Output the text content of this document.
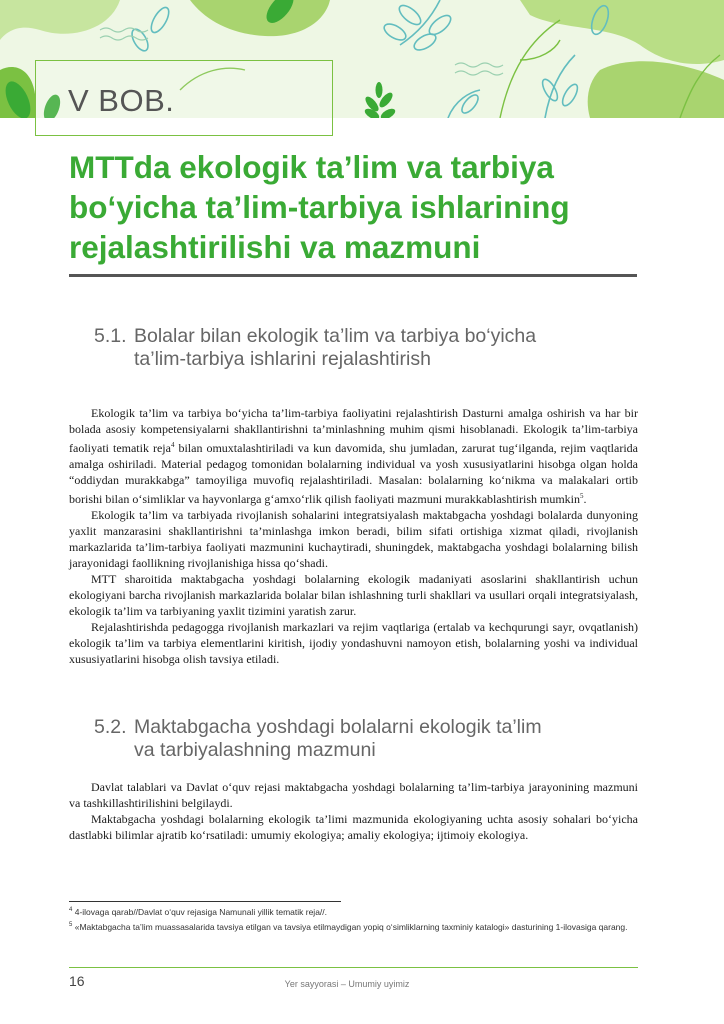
V BOB.
MTTda ekologik ta’lim va tarbiya
bo‘yicha ta’lim-tarbiya ishlarining
rejalashtirilishi va mazmuni
5.1. Bolalar bilan ekologik ta’lim va tarbiya bo‘yicha
ta’lim-tarbiya ishlarini rejalashtirish

Ekologik ta’lim va tarbiya bo‘yicha ta’lim-tarbiya faoliyatini rejalashtirish Dasturni amalga oshirish va har bir bolada asosiy kompetensiyalarni shakllantirishni ta’minlashning muhim qismi hisoblanadi. Ekologik ta’lim-tarbiya faoliyati tematik reja$^4$ bilan omuxtalashtiriladi va kun davomida, shu jumladan, zarurat tug‘ilganda, rejim vaqtlarida amalga oshiriladi. Material pedagog tomonidan bolalarning individual va yosh xususiyatlarini hisobga olgan holda “oddiydan murakkabga” tamoyiliga muvofiq rejalashtiriladi. Masalan: bolalarning ko‘nikma va malakalari ortib borishi bilan o‘simliklar va hayvonlarga g‘amxo‘rlik qilish faoliyati mazmuni murakkablashtirish mumkin$^5$.

Ekologik ta’lim va tarbiyada rivojlanish sohalarini integratsiyalash maktabgacha yoshdagi bolalarda dunyoning yaxlit manzarasini shakllantirishni ta’minlashga imkon beradi, bilim sifati ortishiga xizmat qiladi, rivojlanish markazlarida ta’lim-tarbiya faoliyati mazmunini kuchaytiradi, shuningdek, maktabgacha yoshdagi bolalarning bilish jarayonidagi faollikning rivojlanishiga hissa qo‘shadi.

MTT sharoitida maktabgacha yoshdagi bolalarning ekologik madaniyati asoslarini shakllantirish uchun ekologiyani barcha rivojlanish markazlarida bolalar bilan ishlashning turli shakllari va usullari orqali integratsiyalash, ekologik ta’lim va tarbiyaning yaxlit tizimini yaratish zarur.

Rejalashtirishda pedagogga rivojlanish markazlari va rejim vaqtlariga (ertalab va kechqurungi sayr, ovqatlanish) ekologik ta’lim va tarbiya elementlarini kiritish, ijodiy yondashuvni namoyon etish, bolalarning yoshi va individual xususiyatlarini hisobga olish tavsiya etiladi.

5.2. Maktabgacha yoshdagi bolalarni ekologik ta’lim
va tarbiyalashning mazmuni

Davlat talablari va Davlat o‘quv rejasi maktabgacha yoshdagi bolalarning ta’lim-tarbiya jarayonining mazmuni va tashkillashtirilishini belgilaydi.

Maktabgacha yoshdagi bolalarning ekologik ta’limi mazmunida ekologiyaning uchta asosiy sohalari bo‘yicha dastlabki bilimlar ajratib ko‘rsatiladi: umumiy ekologiya; amaliy ekologiya; ijtimoiy ekologiya.

$^4$ 4-ilovaga qarab//Davlat o‘quv rejasiga Namunali yillik tematik reja//.

$^5$ «Maktabgacha ta’lim muassasalarida tavsiya etilgan va tavsiya etilmaydigan yopiq o‘simliklarning taxminiy katalogi» dasturining 1-ilovasiga qarang.

16	Yer sayyorasi – Umumiy uyimiz
